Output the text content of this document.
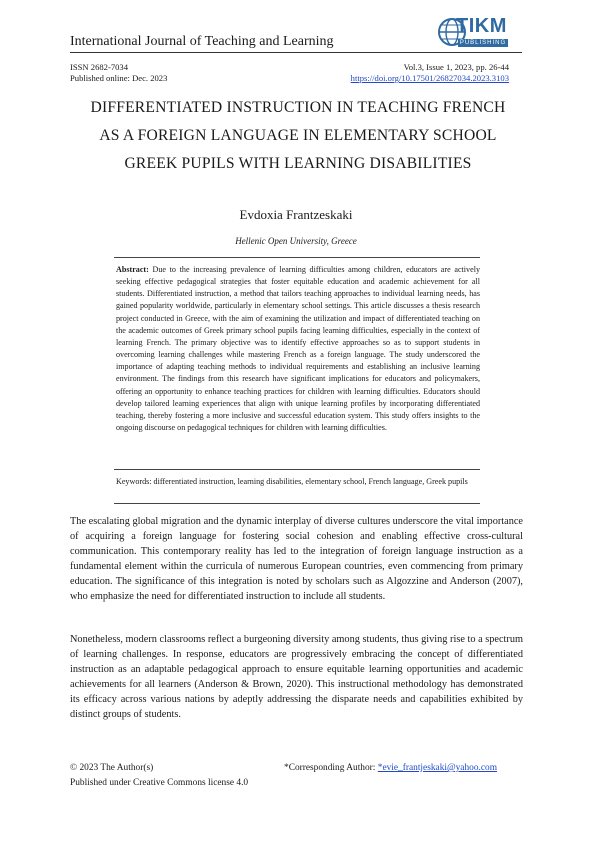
International Journal of Teaching and Learning
TIKM
PUBLISHING
ISSN 2682-7034
Published online: Dec. 2023
Vol.3, Issue 1, 2023, pp. 26-44
https://doi.org/10.17501/26827034.2023.3103
DIFFERENTIATED INSTRUCTION IN TEACHING FRENCH AS A FOREIGN LANGUAGE IN ELEMENTARY SCHOOL GREEK PUPILS WITH LEARNING DISABILITIES
Evdoxia Frantzeskaki
Hellenic Open University, Greece
Abstract: Due to the increasing prevalence of learning difficulties among children, educators are actively seeking effective pedagogical strategies that foster equitable education and academic achievement for all students. Differentiated instruction, a method that tailors teaching approaches to individual learning needs, has gained popularity worldwide, particularly in elementary school settings. This article discusses a thesis research project conducted in Greece, with the aim of examining the utilization and impact of differentiated teaching on the academic outcomes of Greek primary school pupils facing learning difficulties, especially in the context of learning French. The primary objective was to identify effective approaches so as to support students in overcoming learning challenges while mastering French as a foreign language. The study underscored the importance of adapting teaching methods to individual requirements and establishing an inclusive learning environment. The findings from this research have significant implications for educators and policymakers, offering an opportunity to enhance teaching practices for children with learning difficulties. Educators should develop tailored learning experiences that align with unique learning profiles by incorporating differentiated teaching, thereby fostering a more inclusive and successful education system. This study offers insights to the ongoing discourse on pedagogical techniques for children with learning difficulties.
Keywords: differentiated instruction, learning disabilities, elementary school, French language, Greek pupils
The escalating global migration and the dynamic interplay of diverse cultures underscore the vital importance of acquiring a foreign language for fostering social cohesion and enabling effective cross-cultural communication. This contemporary reality has led to the integration of foreign language instruction as a fundamental element within the curricula of numerous European countries, even commencing from primary education. The significance of this integration is noted by scholars such as Algozzine and Anderson (2007), who emphasize the need for differentiated instruction to include all students.
Nonetheless, modern classrooms reflect a burgeoning diversity among students, thus giving rise to a spectrum of learning challenges. In response, educators are progressively embracing the concept of differentiated instruction as an adaptable pedagogical approach to ensure equitable learning opportunities and academic achievements for all learners (Anderson & Brown, 2020). This instructional methodology has demonstrated its efficacy across various nations by adeptly addressing the disparate needs and capabilities exhibited by distinct groups of students.
© 2023 The Author(s)
Published under Creative Commons license 4.0
*Corresponding Author: *evie_frantjeskaki@yahoo.com
